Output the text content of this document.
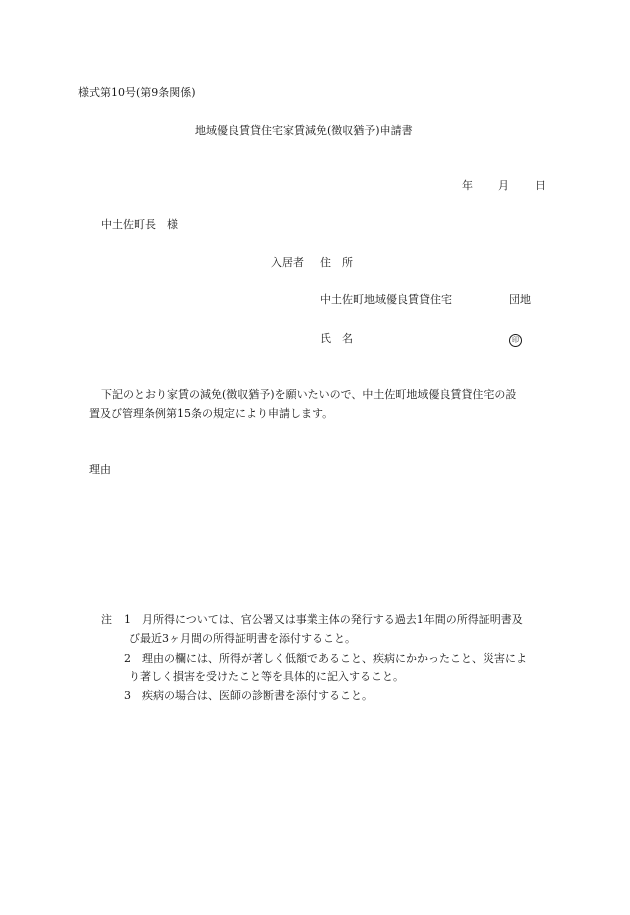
様式第10号(第9条関係)
地域優良賃貸住宅家賃減免(徴収猶予)申請書
年 月 日
中土佐町長　様
入居者 住　所
中土佐町地域優良賃貸住宅	団地
氏　名	印
下記のとおり家賃の減免(徴収猶予)を願いたいので、中土佐町地域優良賃貸住宅の設
置及び管理条例第15条の規定により申請します。
理由
注 1 月所得については、官公署又は事業主体の発行する過去1年間の所得証明書及
び最近3ヶ月間の所得証明書を添付すること。
2 理由の欄には、所得が著しく低額であること、疾病にかかったこと、災害によ
り著しく損害を受けたこと等を具体的に記入すること。
3 疾病の場合は、医師の診断書を添付すること。
